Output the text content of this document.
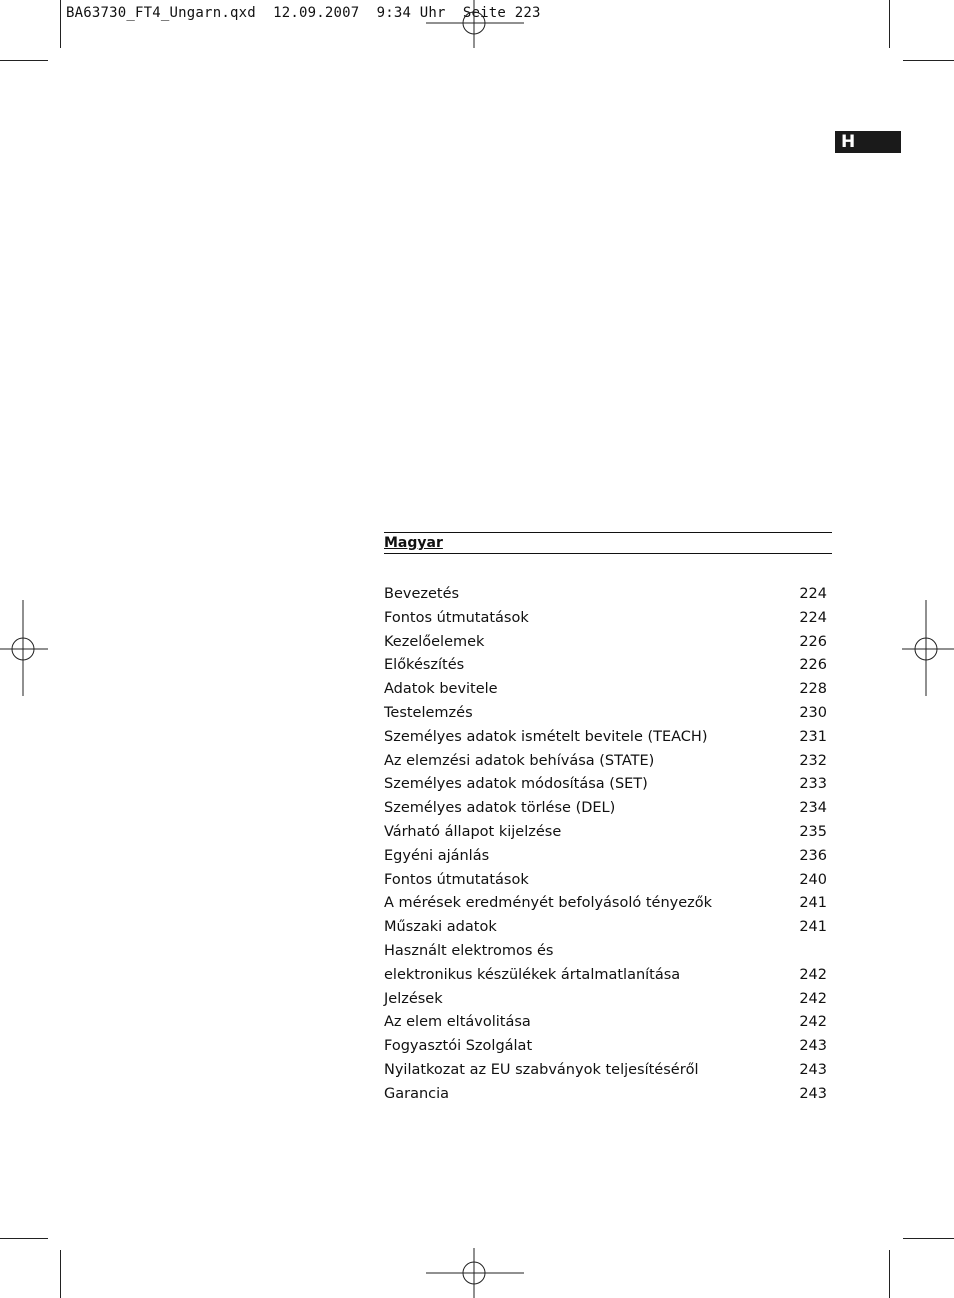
BA63730_FT4_Ungarn.qxd  12.09.2007  9:34 Uhr  Seite 223
H
Magyar
Bevezetés	224
Fontos útmutatások	224
Kezelőelemek	226
Előkészítés	226
Adatok bevitele	228
Testelemzés	230
Személyes adatok ismételt bevitele (TEACH)	231
Az elemzési adatok behívása (STATE)	232
Személyes adatok módosítása (SET)	233
Személyes adatok törlése (DEL)	234
Várható állapot kijelzése	235
Egyéni ajánlás	236
Fontos útmutatások	240
A mérések eredményét befolyásoló tényezők	241
Műszaki adatok	241
Használt elektromos és
elektronikus készülékek ártalmatlanítása	242
Jelzések	242
Az elem eltávolitása	242
Fogyasztói Szolgálat	243
Nyilatkozat az EU szabványok teljesítéséről	243
Garancia	243
